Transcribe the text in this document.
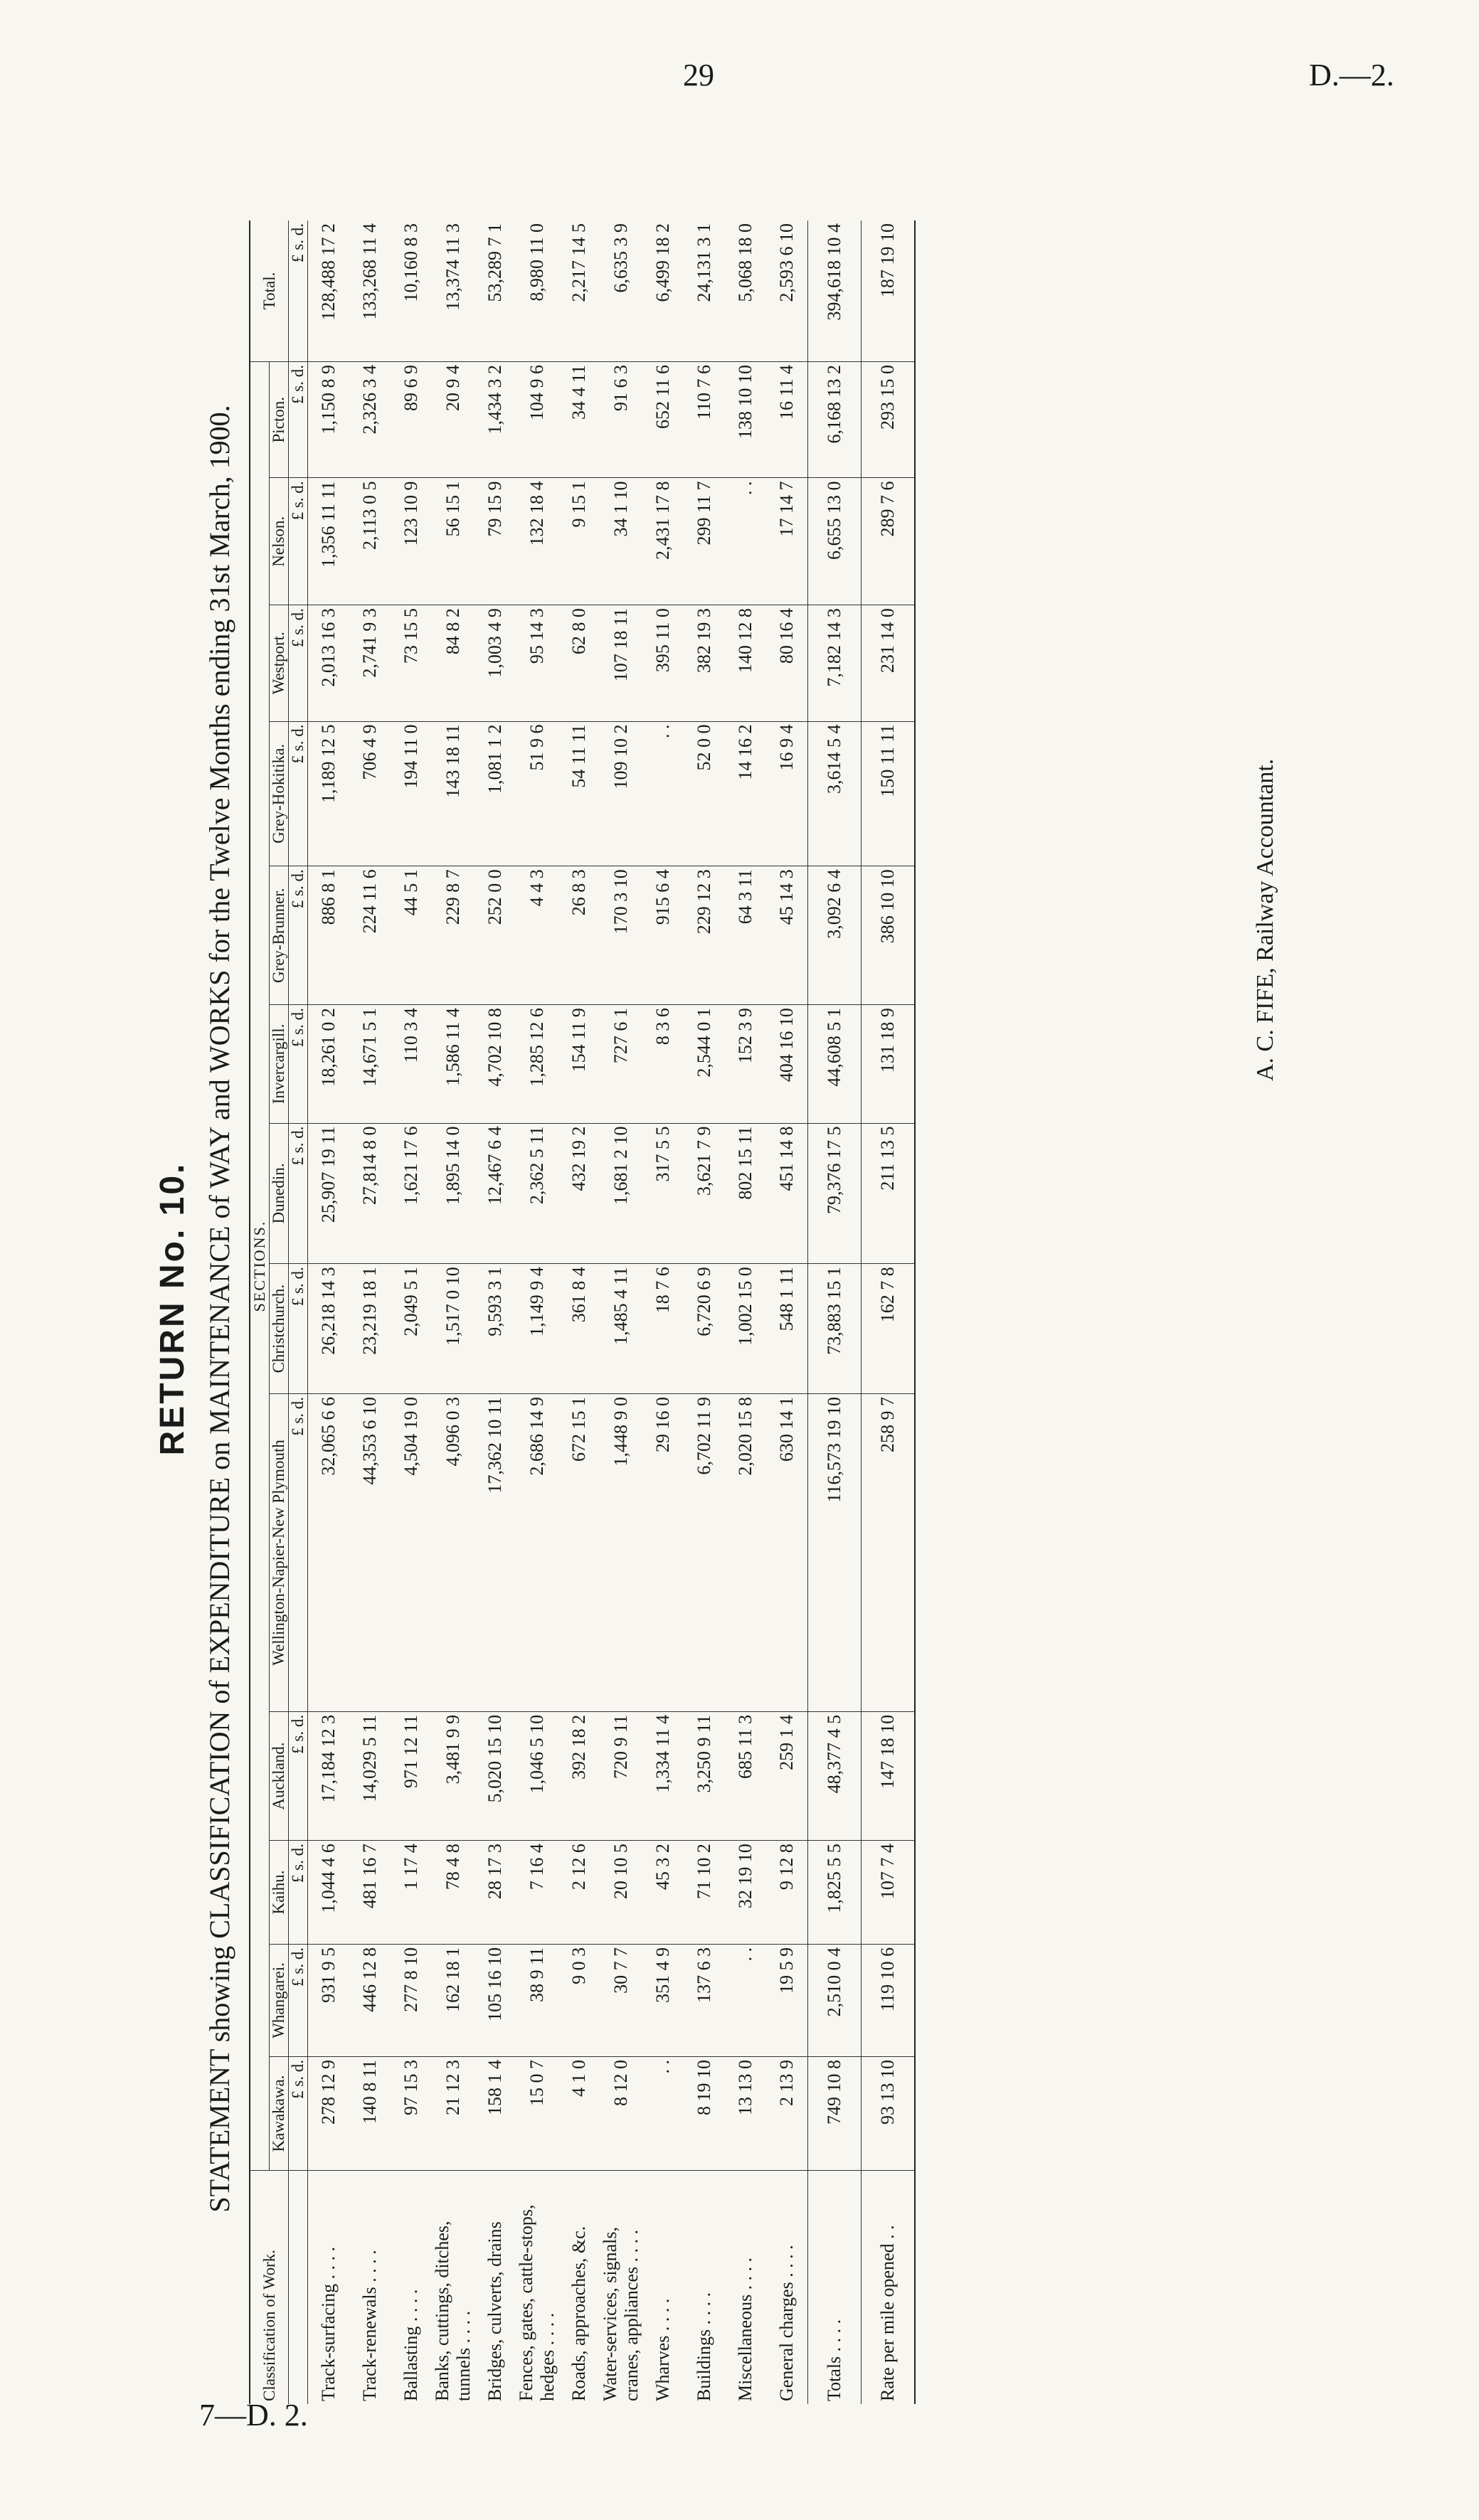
29	D.—2.
7—D. 2.
RETURN No. 10. STATEMENT showing CLASSIFICATION of EXPENDITURE on MAINTENANCE of WAY and WORKS for the Twelve Months ending 31st March, 1900.
Classification of Work.	SECTIONS.													Total.
	Kawakawa.	Whangarei.	Kaihu.	Auckland.	Wellington-Napier-New Plymouth	Christchurch.	Dunedin.	Invercargill.	Grey-Brunner.	Grey-Hokitika.	Westport.	Nelson.	Picton.	
	£ s. d.	£ s. d.	£ s. d.	£ s. d.	£ s. d.	£ s. d.	£ s. d.	£ s. d.	£ s. d.	£ s. d.	£ s. d.	£ s. d.	£ s. d.	£ s. d.
Track-surfacing . . . .	278 12 9	931 9 5	1,044 4 6	17,184 12 3	32,065 6 6	26,218 14 3	25,907 19 11	18,261 0 2	886 8 1	1,189 12 5	2,013 16 3	1,356 11 11	1,150 8 9	128,488 17 2
Track-renewals . . . .	140 8 11	446 12 8	481 16 7	14,029 5 11	44,353 6 10	23,219 18 1	27,814 8 0	14,671 5 1	224 11 6	706 4 9	2,741 9 3	2,113 0 5	2,326 3 4	133,268 11 4
Ballasting . . . .	97 15 3	277 8 10	1 17 4	971 12 11	4,504 19 0	2,049 5 1	1,621 17 6	110 3 4	44 5 1	194 11 0	73 15 5	123 10 9	89 6 9	10,160 8 3
Banks, cuttings, ditches, tunnels . . . .	21 12 3	162 18 1	78 4 8	3,481 9 9	4,096 0 3	1,517 0 10	1,895 14 0	1,586 11 4	229 8 7	143 18 11	84 8 2	56 15 1	20 9 4	13,374 11 3
Bridges, culverts, drains	158 1 4	105 16 10	28 17 3	5,020 15 10	17,362 10 11	9,593 3 1	12,467 6 4	4,702 10 8	252 0 0	1,081 1 2	1,003 4 9	79 15 9	1,434 3 2	53,289 7 1
Fences, gates, cattle-stops, hedges . . . .	15 0 7	38 9 11	7 16 4	1,046 5 10	2,686 14 9	1,149 9 4	2,362 5 11	1,285 12 6	4 4 3	51 9 6	95 14 3	132 18 4	104 9 6	8,980 11 0
Roads, approaches, &c.	4 1 0	9 0 3	2 12 6	392 18 2	672 15 1	361 8 4	432 19 2	154 11 9	26 8 3	54 11 11	62 8 0	9 15 1	34 4 11	2,217 14 5
Water-services, signals, cranes, appliances . . . .	8 12 0	30 7 7	20 10 5	720 9 11	1,448 9 0	1,485 4 11	1,681 2 10	727 6 1	170 3 10	109 10 2	107 18 11	34 1 10	91 6 3	6,635 3 9
Wharves . . . .	. .	351 4 9	45 3 2	1,334 11 4	29 16 0	18 7 6	317 5 5	8 3 6	915 6 4	. .	395 11 0	2,431 17 8	652 11 6	6,499 18 2
Buildings . . . .	8 19 10	137 6 3	71 10 2	3,250 9 11	6,702 11 9	6,720 6 9	3,621 7 9	2,544 0 1	229 12 3	52 0 0	382 19 3	299 11 7	110 7 6	24,131 3 1
Miscellaneous . . . .	13 13 0	. .	32 19 10	685 11 3	2,020 15 8	1,002 15 0	802 15 11	152 3 9	64 3 11	14 16 2	140 12 8	. .	138 10 10	5,068 18 0
General charges . . . .	2 13 9	19 5 9	9 12 8	259 1 4	630 14 1	548 1 11	451 14 8	404 16 10	45 14 3	16 9 4	80 16 4	17 14 7	16 11 4	2,593 6 10
Totals . . . .	749 10 8	2,510 0 4	1,825 5 5	48,377 4 5	116,573 19 10	73,883 15 1	79,376 17 5	44,608 5 1	3,092 6 4	3,614 5 4	7,182 14 3	6,655 13 0	6,168 13 2	394,618 10 4
Rate per mile opened . .	93 13 10	119 10 6	107 7 4	147 18 10	258 9 7	162 7 8	211 13 5	131 18 9	386 10 10	150 11 11	231 14 0	289 7 6	293 15 0	187 19 10
A. C. FIFE, Railway Accountant.
